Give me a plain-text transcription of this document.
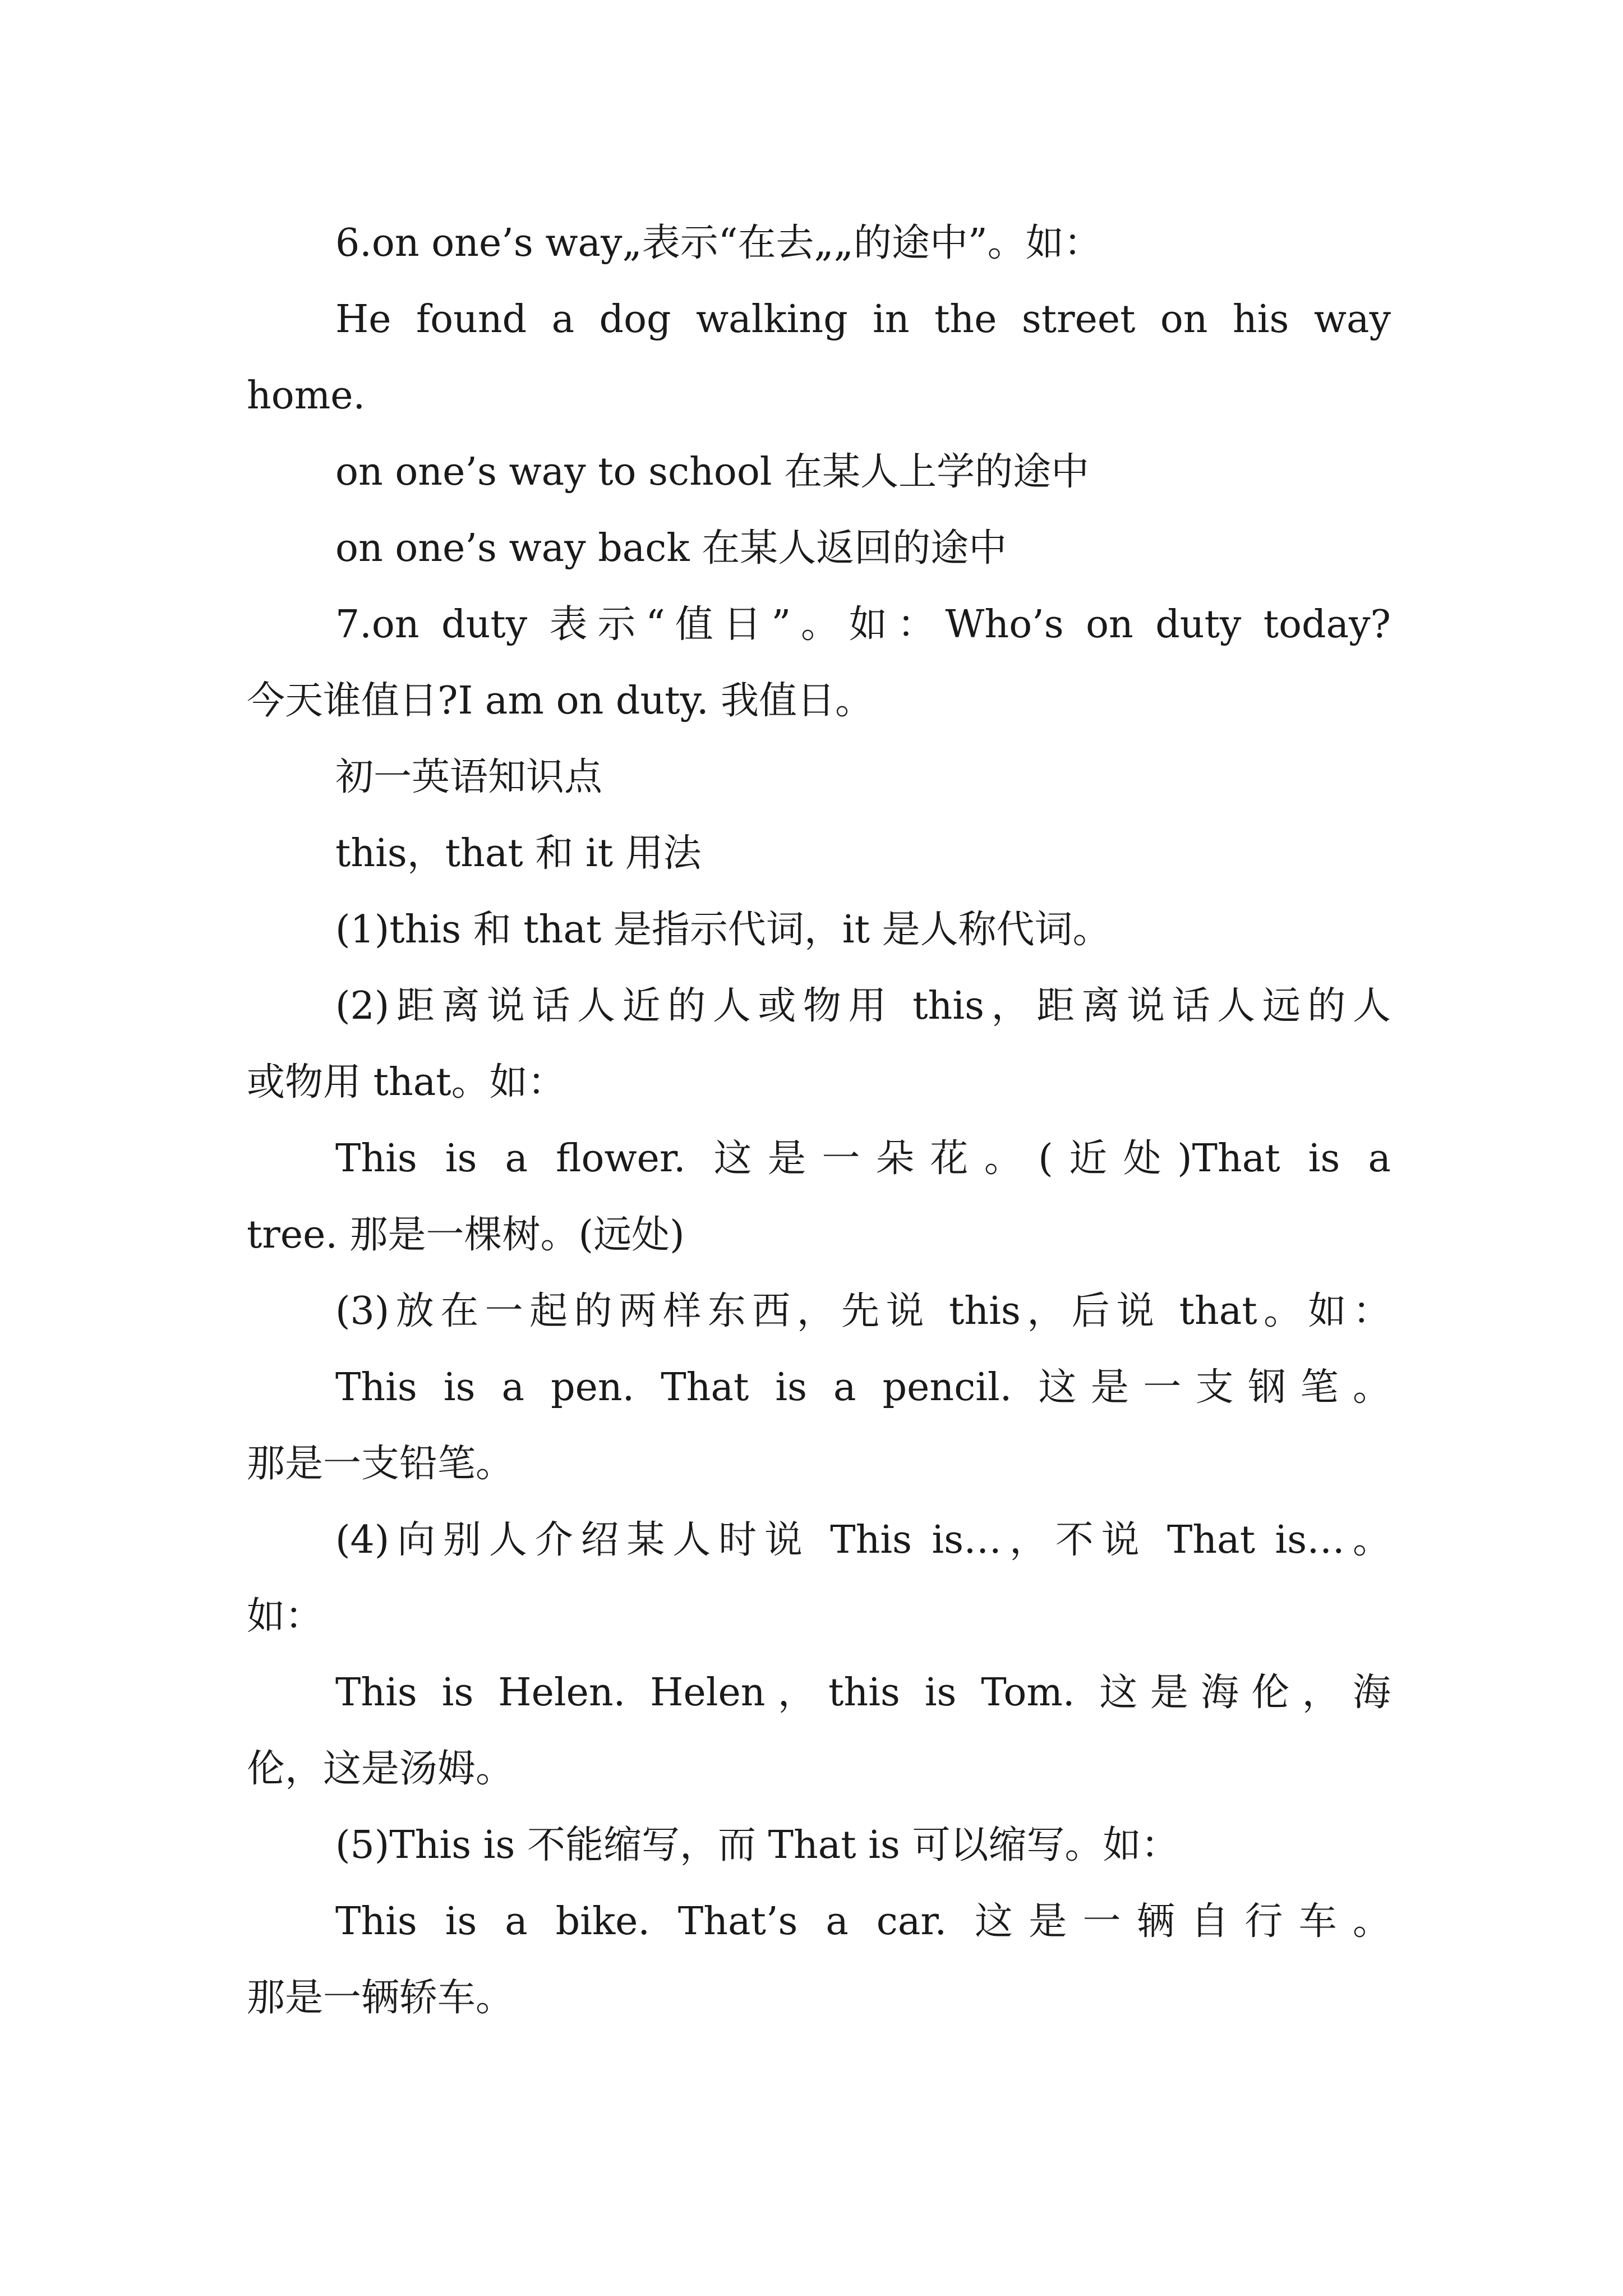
6.on one’s way„表示“在去„„的途中”。如：
He found a dog walking in the street on his way
home.
on one’s way to school 在某人上学的途中
on one’s way back 在某人返回的途中
7.on duty 表示“值日”。如：Who’s on duty today?
今天谁值日?I am on duty. 我值日。
初一英语知识点
this，that 和 it 用法
(1)this 和 that 是指示代词，it 是人称代词。
(2)距离说话人近的人或物用 this，距离说话人远的人
或物用 that。如：
This is a flower. 这是一朵花。(近处)That is a
tree. 那是一棵树。(远处)
(3)放在一起的两样东西，先说 this，后说 that。如：
This is a pen. That is a pencil. 这是一支钢笔。
那是一支铅笔。
(4)向别人介绍某人时说 This is…，不说 That is…。
如：
This is Helen. Helen，this is Tom. 这是海伦，海
伦，这是汤姆。
(5)This is 不能缩写，而 That is 可以缩写。如：
This is a bike. That’s a car. 这是一辆自行车。
那是一辆轿车。
